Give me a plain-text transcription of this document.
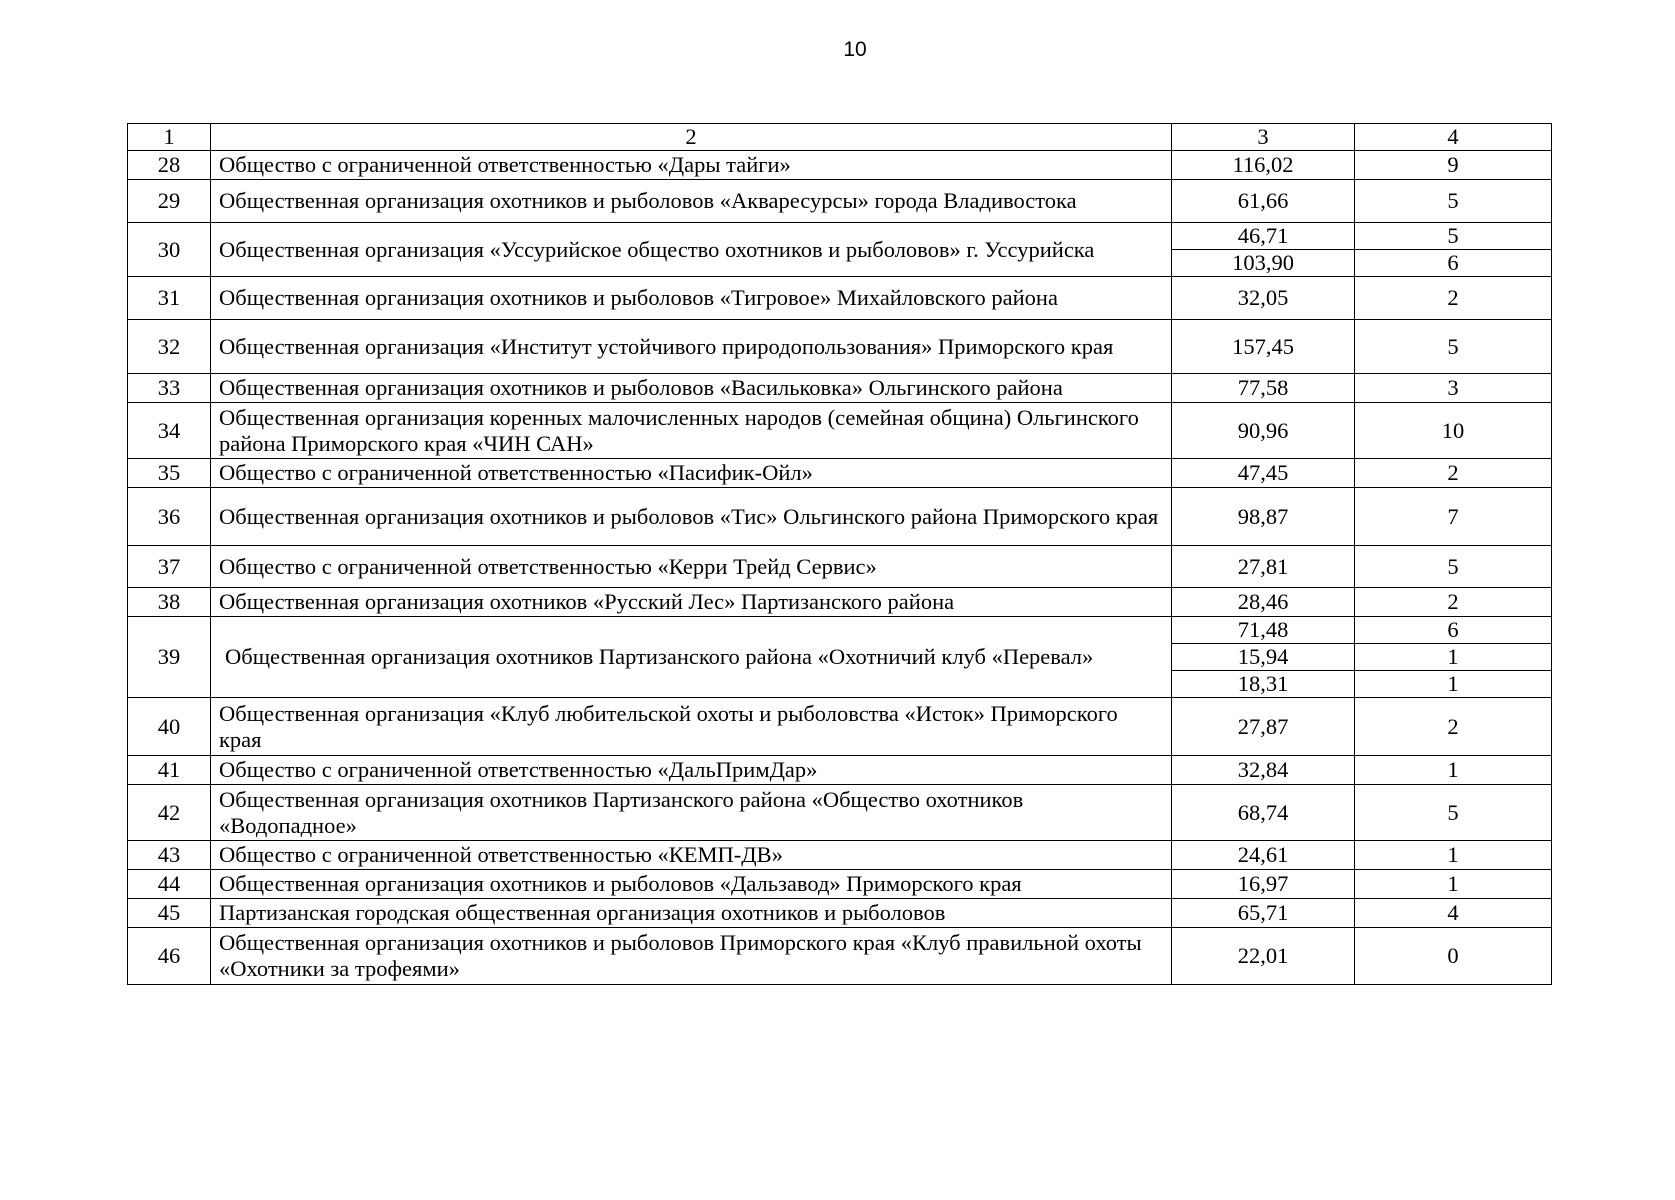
10
1	2	3	4
28	Общество с ограниченной ответственностью «Дары тайги»	116,02	9
29	Общественная организация охотников и рыболовов «Акваресурсы» города Владивостока	61,66	5
30	Общественная организация «Уссурийское общество охотников и рыболовов» г. Уссурийска	46,71	5
		103,90	6
31	Общественная организация охотников и рыболовов «Тигровое» Михайловского района	32,05	2
32	Общественная организация «Институт устойчивого природопользования» Приморского края	157,45	5
33	Общественная организация охотников и рыболовов «Васильковка» Ольгинского района	77,58	3
34	Общественная организация коренных малочисленных народов (семейная община) Ольгинского района Приморского края «ЧИН САН»	90,96	10
35	Общество с ограниченной ответственностью «Пасифик-Ойл»	47,45	2
36	Общественная организация охотников и рыболовов «Тис» Ольгинского района Приморского края	98,87	7
37	Общество с ограниченной ответственностью «Керри Трейд Сервис»	27,81	5
38	Общественная организация охотников «Русский Лес» Партизанского района	28,46	2
39	Общественная организация охотников Партизанского района «Охотничий клуб «Перевал»	71,48	6
		15,94	1
		18,31	1
40	Общественная организация «Клуб любительской охоты и рыболовства «Исток» Приморского края	27,87	2
41	Общество с ограниченной ответственностью «ДальПримДар»	32,84	1
42	Общественная организация охотников Партизанского района «Общество охотников «Водопадное»	68,74	5
43	Общество с ограниченной ответственностью «КЕМП-ДВ»	24,61	1
44	Общественная организация охотников и рыболовов «Дальзавод» Приморского края	16,97	1
45	Партизанская городская общественная организация охотников и рыболовов	65,71	4
46	Общественная организация охотников и рыболовов Приморского края «Клуб правильной охоты «Охотники за трофеями»	22,01	0
